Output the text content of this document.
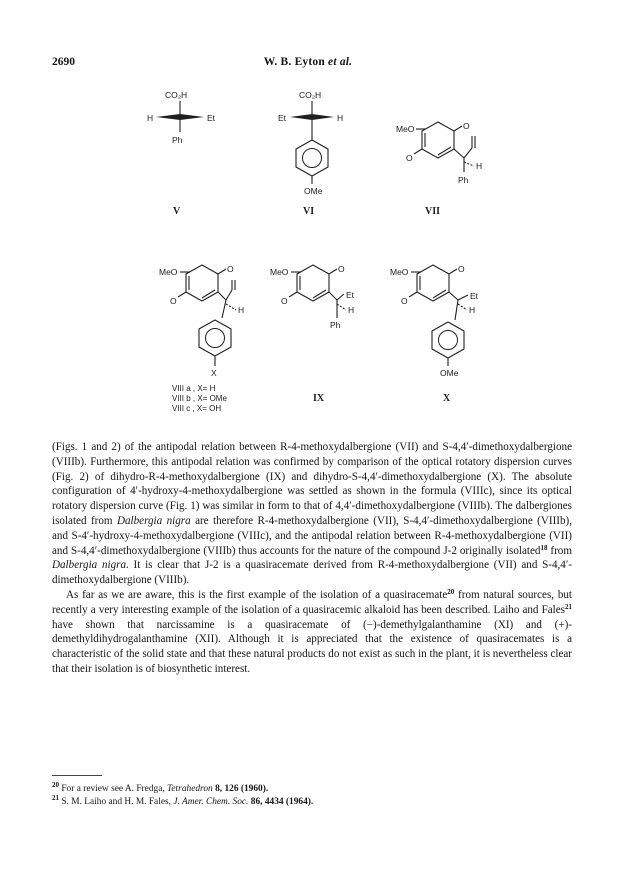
2690	W. B. Eyton et al.
CO₂H
H	Et
Ph
V
CO₂H
Et	H
OMe
VI
MeO	O
O
H
Ph
VII
MeO	O
O
H
X
VIII a , X= H
VIII b , X= OMe
VIII c , X= OH
MeO	O
O
Et
H
Ph
IX
MeO	O
O	Et
H
OMe
X

(Figs. 1 and 2) of the antipodal relation between R-4-methoxydalbergione (VII) and S-4,4′-dimethoxydalbergione (VIIIb). Furthermore, this antipodal relation was confirmed by comparison of the optical rotatory dispersion curves (Fig. 2) of dihydro-R-4-methoxydalbergione (IX) and dihydro-S-4,4′-dimethoxydalbergione (X). The absolute configuration of 4′-hydroxy-4-methoxydalbergione was settled as shown in the formula (VIIIc), since its optical rotatory dispersion curve (Fig. 1) was similar in form to that of 4,4′-dimethoxydalbergione (VIIIb). The dalbergiones isolated from Dalbergia nigra are therefore R-4-methoxydalbergione (VII), S-4,4′-dimethoxydalbergione (VIIIb), and S-4′-hydroxy-4-methoxydalbergione (VIIIc), and the antipodal relation between R-4-methoxydalbergione (VII) and S-4,4′-dimethoxydalbergione (VIIIb) thus accounts for the nature of the compound J-2 originally isolated$^{18}$ from Dalbergia nigra. It is clear that J-2 is a quasiracemate derived from R-4-methoxydalbergione (VII) and S-4,4′-dimethoxydalbergione (VIIIb).

As far as we are aware, this is the first example of the isolation of a quasiracemate$^{20}$ from natural sources, but recently a very interesting example of the isolation of a quasiracemic alkaloid has been described. Laiho and Fales$^{21}$ have shown that narcissamine is a quasiracemate of (−)-demethylgalanthamine (XI) and (+)-demethyldihydrogalanthamine (XII). Although it is appreciated that the existence of quasiracemates is a characteristic of the solid state and that these natural products do not exist as such in the plant, it is nevertheless clear that their isolation is of biosynthetic interest.

$^{20}$ For a review see A. Fredga, Tetrahedron 8, 126 (1960).

$^{21}$ S. M. Laiho and H. M. Fales, J. Amer. Chem. Soc. 86, 4434 (1964).
